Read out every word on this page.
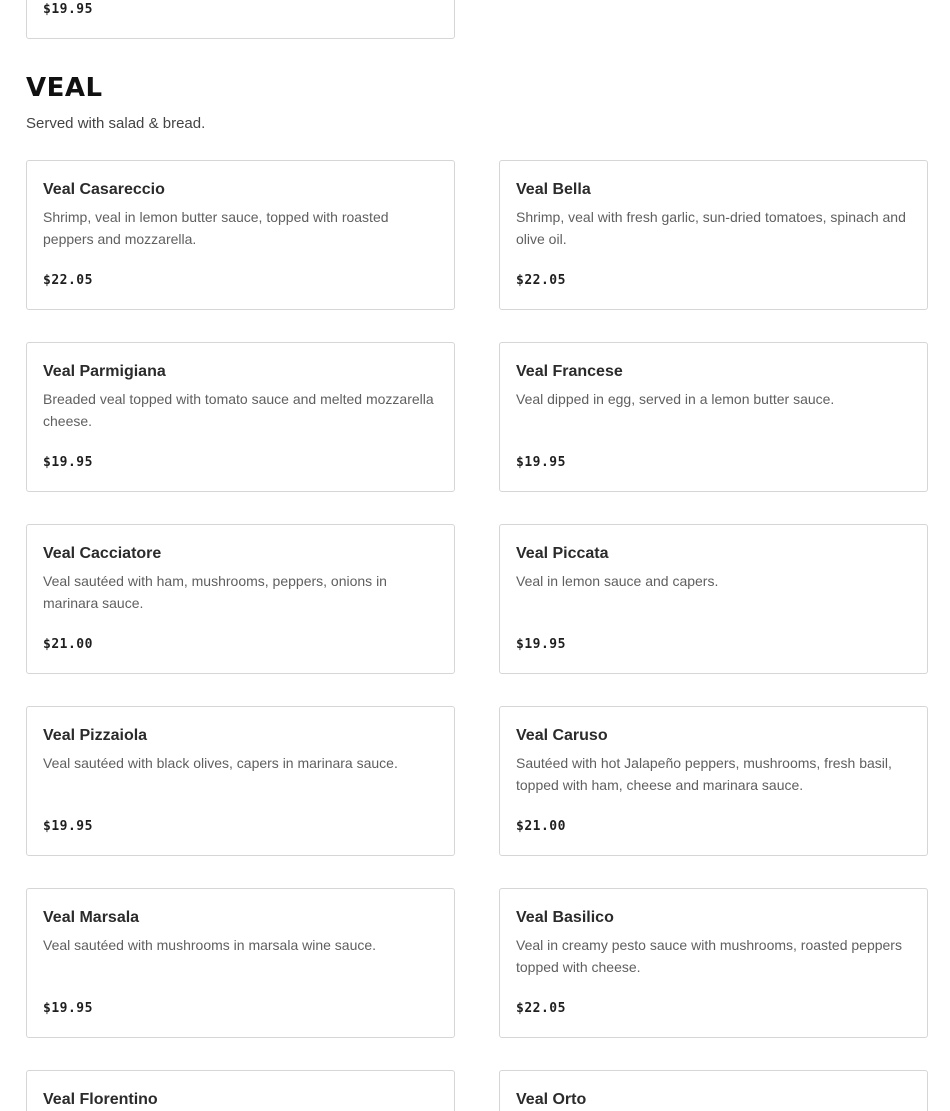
$19.95
VEAL

Served with salad & bread.

Veal Casareccio
Shrimp, veal in lemon butter sauce, topped with roasted peppers and mozzarella.
$22.05
Veal Bella
Shrimp, veal with fresh garlic, sun-dried tomatoes, spinach and olive oil.
$22.05
Veal Parmigiana
Breaded veal topped with tomato sauce and melted mozzarella cheese.
$19.95
Veal Francese
Veal dipped in egg, served in a lemon butter sauce.
$19.95
Veal Cacciatore
Veal sautéed with ham, mushrooms, peppers, onions in marinara sauce.
$21.00
Veal Piccata
Veal in lemon sauce and capers.
$19.95
Veal Pizzaiola
Veal sautéed with black olives, capers in marinara sauce.
$19.95
Veal Caruso
Sautéed with hot Jalapeño peppers, mushrooms, fresh basil, topped with ham, cheese and marinara sauce.
$21.00
Veal Marsala
Veal sautéed with mushrooms in marsala wine sauce.
$19.95
Veal Basilico
Veal in creamy pesto sauce with mushrooms, roasted peppers topped with cheese.
$22.05
Veal Florentino	Veal Orto
